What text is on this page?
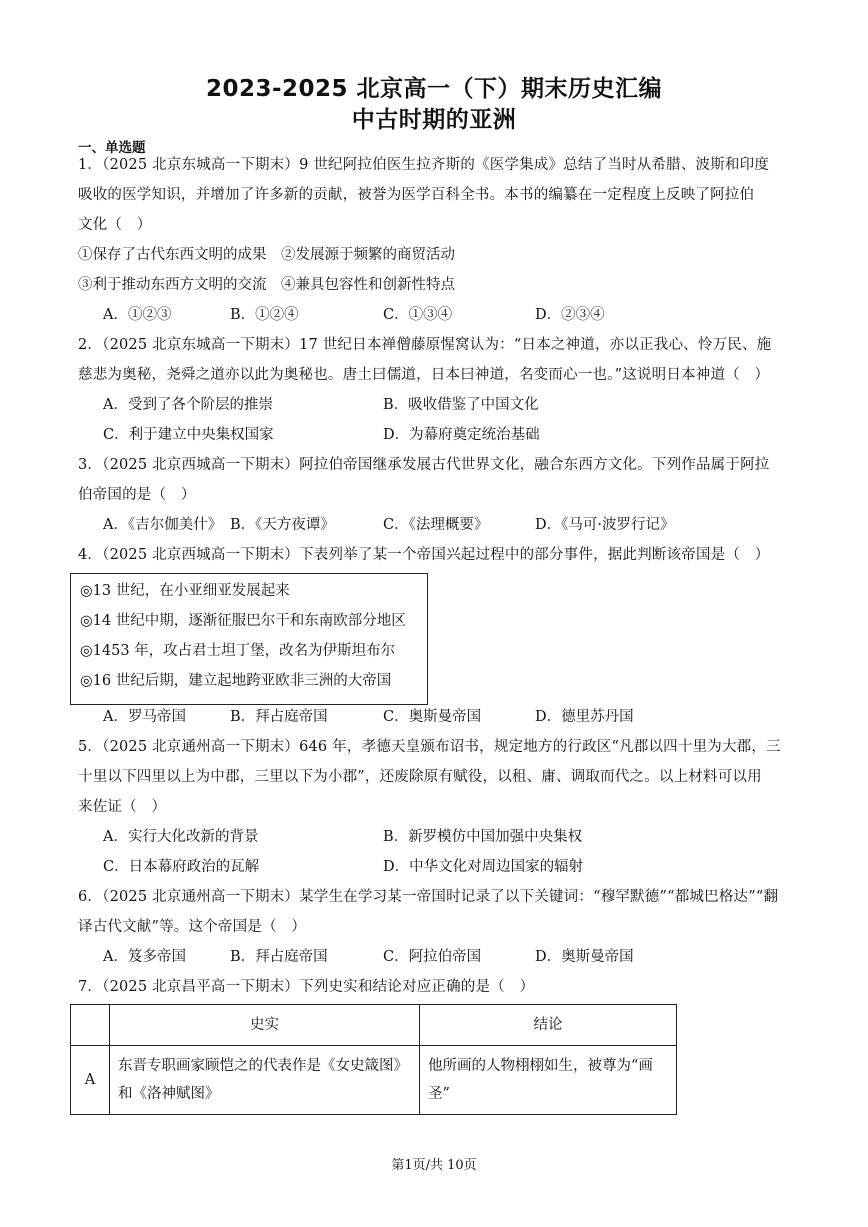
2023-2025 北京高一（下）期末历史汇编
中古时期的亚洲
一、单选题
1．（2025 北京东城高一下期末）9 世纪阿拉伯医生拉齐斯的《医学集成》总结了当时从希腊、波斯和印度
吸收的医学知识，并增加了许多新的贡献，被誉为医学百科全书。本书的编纂在一定程度上反映了阿拉伯
文化（　）
①保存了古代东西文明的成果　②发展源于频繁的商贸活动
③利于推动东西方文明的交流　④兼具包容性和创新性特点
A．①②③	B．①②④	C．①③④	D．②③④
2．（2025 北京东城高一下期末）17 世纪日本禅僧藤原惺窝认为：“日本之神道，亦以正我心、怜万民、施
慈悲为奥秘，尧舜之道亦以此为奥秘也。唐土曰儒道，日本曰神道，名变而心一也。”这说明日本神道（　）
A．受到了各个阶层的推崇	B．吸收借鉴了中国文化
C．利于建立中央集权国家	D．为幕府奠定统治基础
3．（2025 北京西城高一下期末）阿拉伯帝国继承发展古代世界文化，融合东西方文化。下列作品属于阿拉
伯帝国的是（　）
A．《吉尔伽美什》 B．《天方夜谭》	C．《法理概要》	D．《马可·波罗行记》
4．（2025 北京西城高一下期末）下表列举了某一个帝国兴起过程中的部分事件，据此判断该帝国是（　）
◎13 世纪，在小亚细亚发展起来
◎14 世纪中期，逐渐征服巴尔干和东南欧部分地区
◎1453 年，攻占君士坦丁堡，改名为伊斯坦布尔
◎16 世纪后期，建立起地跨亚欧非三洲的大帝国
A．罗马帝国	B．拜占庭帝国	C．奥斯曼帝国	D．德里苏丹国
5．（2025 北京通州高一下期末）646 年，孝德天皇颁布诏书，规定地方的行政区“凡郡以四十里为大郡，三
十里以下四里以上为中郡，三里以下为小郡”，还废除原有赋役，以租、庸、调取而代之。以上材料可以用
来佐证（　）
A．实行大化改新的背景	B．新罗模仿中国加强中央集权
C．日本幕府政治的瓦解	D．中华文化对周边国家的辐射
6．（2025 北京通州高一下期末）某学生在学习某一帝国时记录了以下关键词：“穆罕默德”“都城巴格达”“翻
译古代文献”等。这个帝国是（　）
A．笈多帝国	B．拜占庭帝国	C．阿拉伯帝国	D．奥斯曼帝国
7．（2025 北京昌平高一下期末）下列史实和结论对应正确的是（　）
	史实	结论
A	东晋专职画家顾恺之的代表作是《女史箴图》和《洛神赋图》	他所画的人物栩栩如生，被尊为“画圣”
第1页/共 10页
